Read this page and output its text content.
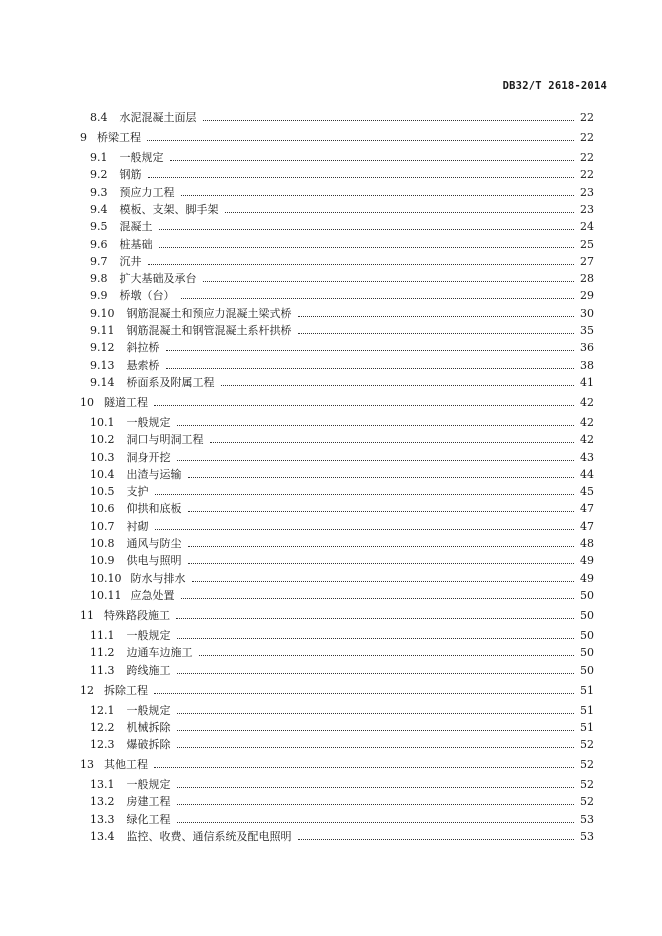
DB32/T 2618-2014
8.4 水泥混凝土面层	22
9 桥梁工程	22
9.1 一般规定	22
9.2 钢筋	22
9.3 预应力工程	23
9.4 模板、支架、脚手架	23
9.5 混凝土	24
9.6 桩基础	25
9.7 沉井	27
9.8 扩大基础及承台	28
9.9 桥墩（台）	29
9.10 钢筋混凝土和预应力混凝土梁式桥	30
9.11 钢筋混凝土和钢管混凝土系杆拱桥	35
9.12 斜拉桥	36
9.13 悬索桥	38
9.14 桥面系及附属工程	41
10 隧道工程	42
10.1 一般规定	42
10.2 洞口与明洞工程	42
10.3 洞身开挖	43
10.4 出渣与运输	44
10.5 支护	45
10.6 仰拱和底板	47
10.7 衬砌	47
10.8 通风与防尘	48
10.9 供电与照明	49
10.10 防水与排水	49
10.11 应急处置	50
11 特殊路段施工	50
11.1 一般规定	50
11.2 边通车边施工	50
11.3 跨线施工	50
12 拆除工程	51
12.1 一般规定	51
12.2 机械拆除	51
12.3 爆破拆除	52
13 其他工程	52
13.1 一般规定	52
13.2 房建工程	52
13.3 绿化工程	53
13.4 监控、收费、通信系统及配电照明	53
